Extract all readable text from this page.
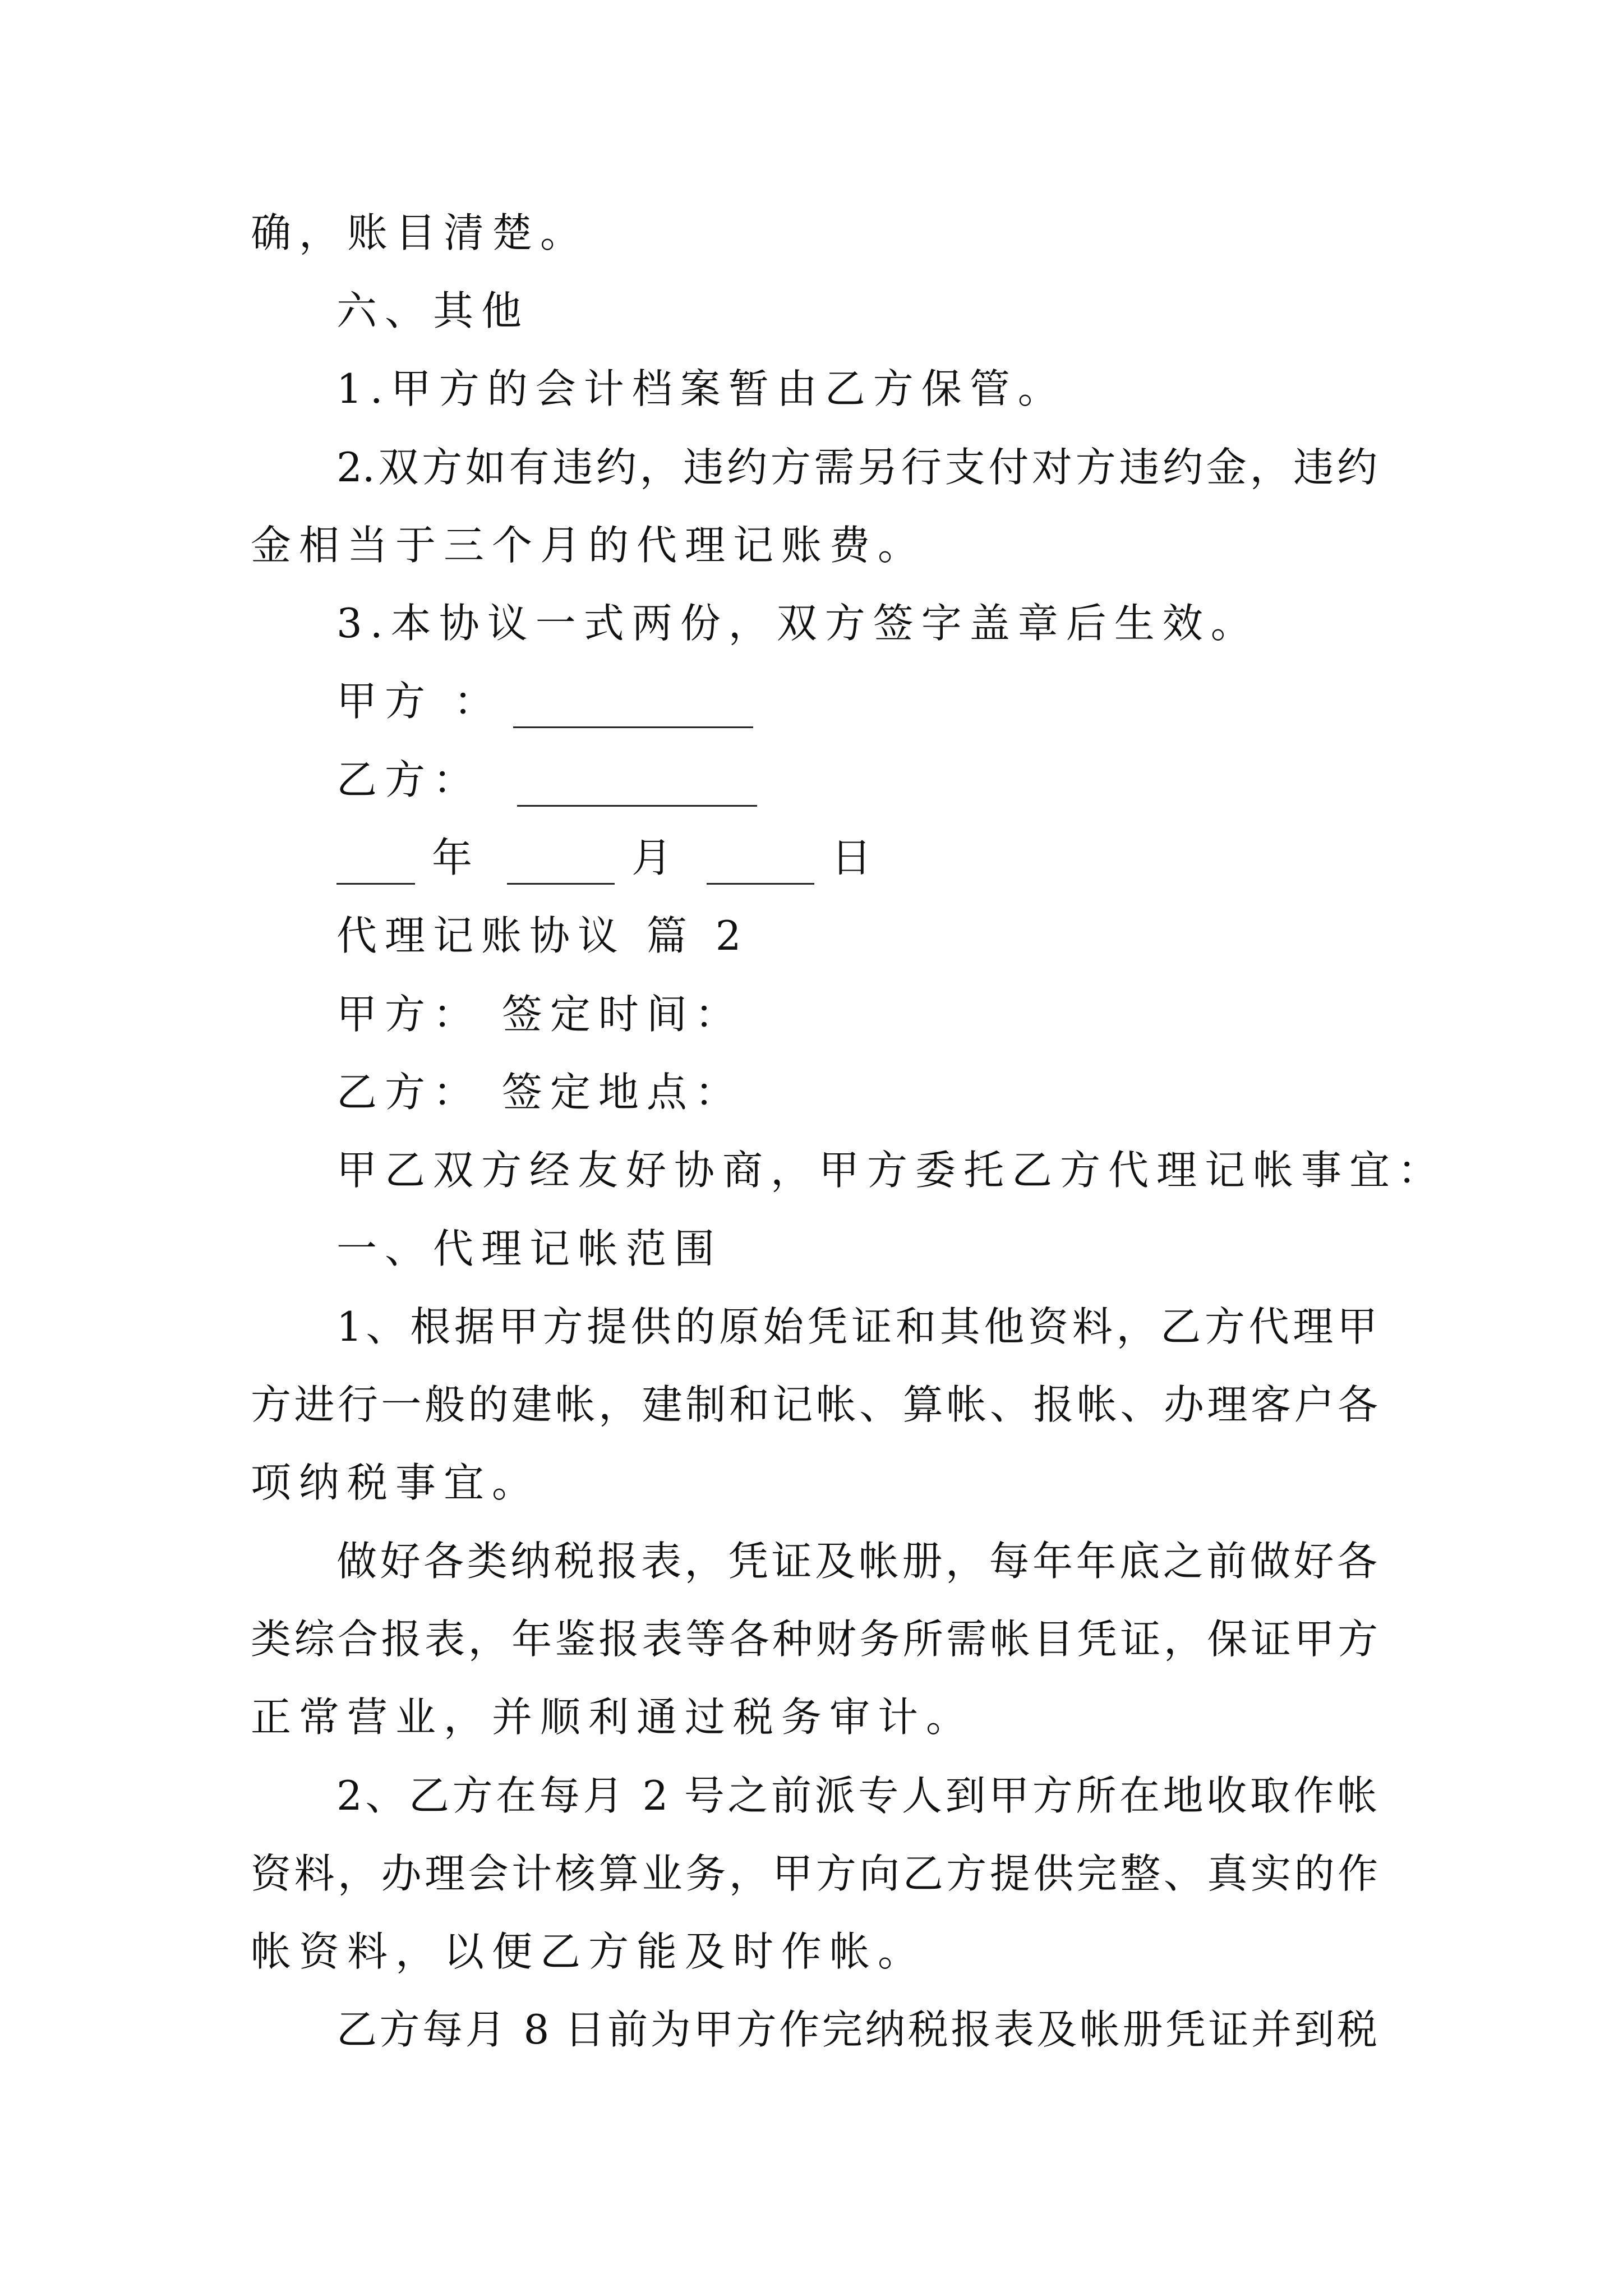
确，账目清楚。
六、其他
1.甲方的会计档案暂由乙方保管。
2.双方如有违约，违约方需另行支付对方违约金，违约
金相当于三个月的代理记账费。
3.本协议一式两份，双方签字盖章后生效。
甲方 ：
乙方：
年	月	日
代理记账协议 篇 2
甲方： 签定时间：
乙方： 签定地点：
甲乙双方经友好协商，甲方委托乙方代理记帐事宜：
一、代理记帐范围
1、根据甲方提供的原始凭证和其他资料，乙方代理甲
方进行一般的建帐，建制和记帐、算帐、报帐、办理客户各
项纳税事宜。
做好各类纳税报表，凭证及帐册，每年年底之前做好各
类综合报表，年鉴报表等各种财务所需帐目凭证，保证甲方
正常营业，并顺利通过税务审计。
2、乙方在每月 2 号之前派专人到甲方所在地收取作帐
资料，办理会计核算业务，甲方向乙方提供完整、真实的作
帐资料，以便乙方能及时作帐。
乙方每月 8 日前为甲方作完纳税报表及帐册凭证并到税
